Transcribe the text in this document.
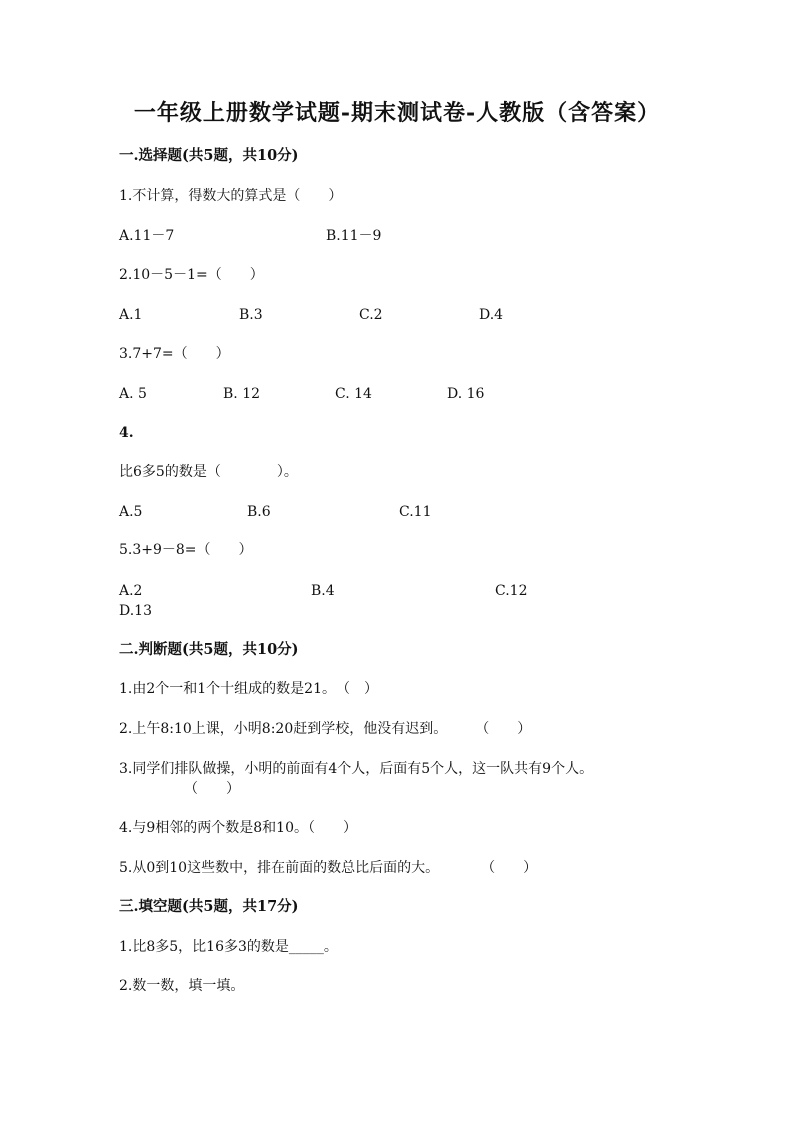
一年级上册数学试题-期末测试卷-人教版（含答案）
一.选择题(共5题，共10分)
1.不计算，得数大的算式是（　　）
A.11－7	B.11－9
2.10－5－1=（　　）
A.1	B.3	C.2	D.4
3.7+7=（　　）
A. 5	B. 12	C. 14	D. 16
4.
比6多5的数是（　　　　）。
A.5	B.6	C.11
5.3+9－8=（　　）
A.2	B.4	C.12
D.13
二.判断题(共5题，共10分)
1.由2个一和1个十组成的数是21。　（　）
2.上午8:10上课，小明8:20赶到学校，他没有迟到。　　　（　　）
3.同学们排队做操，小明的前面有4个人，后面有5个人，这一队共有9个人。
（　　）
4.与9相邻的两个数是8和10。（　　）
5.从0到10这些数中，排在前面的数总比后面的大。　　　　（　　）
三.填空题(共5题，共17分)
1.比8多5，比16多3的数是_____。
2.数一数，填一填。
